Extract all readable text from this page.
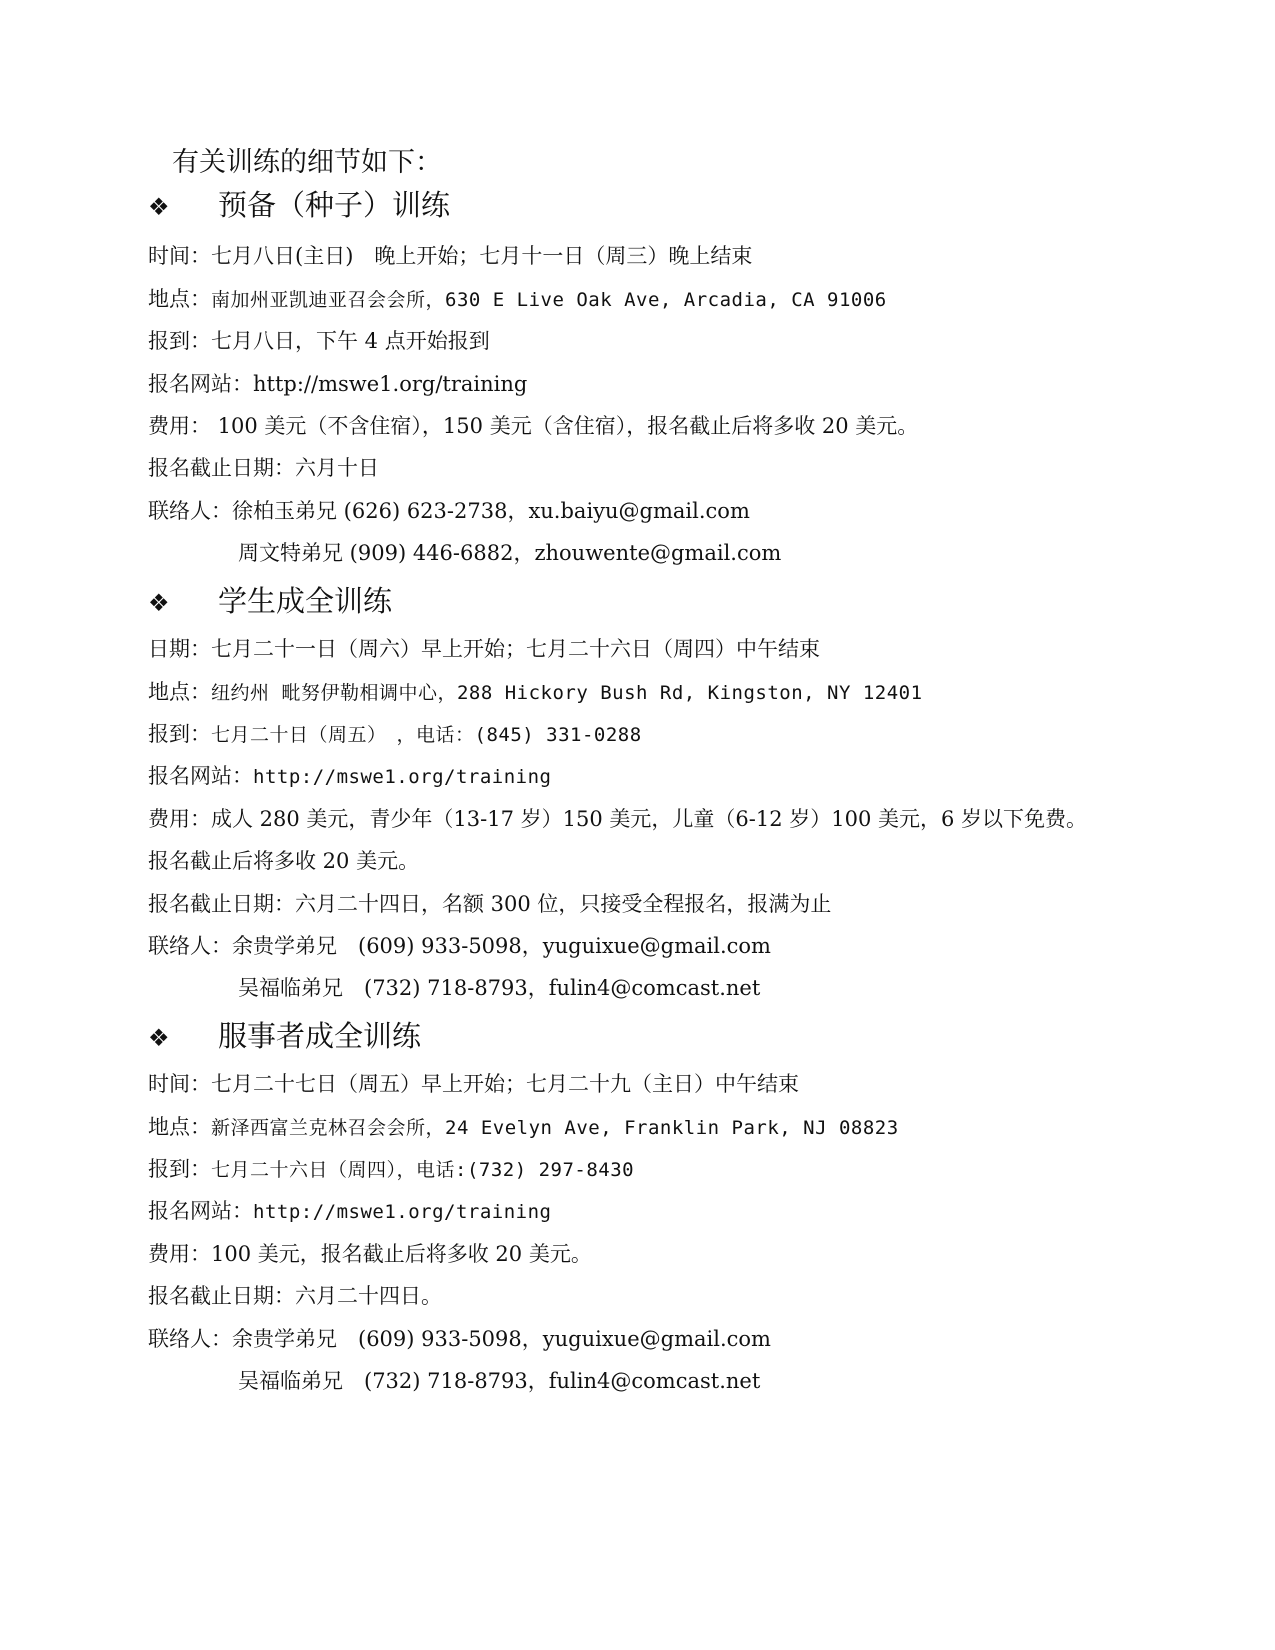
有关训练的细节如下：
❖ 预备（种子）训练
时间：七月八日(主日)　晚上开始；七月十一日（周三）晚上结束
地点：南加州亚凯迪亚召会会所，630 E Live Oak Ave, Arcadia, CA 91006
报到：七月八日，下午 4 点开始报到
报名网站：http://mswe1.org/training
费用： 100 美元（不含住宿），150 美元（含住宿），报名截止后将多收 20 美元。
报名截止日期：六月十日
联络人：徐柏玉弟兄 (626) 623-2738，xu.baiyu@gmail.com
周文特弟兄 (909) 446-6882，zhouwente@gmail.com
❖ 学生成全训练
日期：七月二十一日（周六）早上开始；七月二十六日（周四）中午结束
地点：纽约州 毗努伊勒相调中心，288 Hickory Bush Rd, Kingston, NY 12401
报到：七月二十日（周五）　，电话：(845) 331-0288
报名网站：http://mswe1.org/training
费用：成人 280 美元，青少年（13-17 岁）150 美元，儿童（6-12 岁）100 美元，6 岁以下免费。
报名截止后将多收 20 美元。
报名截止日期：六月二十四日，名额 300 位，只接受全程报名，报满为止
联络人：余贵学弟兄　(609) 933-5098，yuguixue@gmail.com
吴福临弟兄　(732) 718-8793，fulin4@comcast.net
❖ 服事者成全训练
时间：七月二十七日（周五）早上开始；七月二十九（主日）中午结束
地点：新泽西富兰克林召会会所，24 Evelyn Ave, Franklin Park, NJ 08823
报到：七月二十六日（周四），电话:(732) 297-8430
报名网站：http://mswe1.org/training
费用：100 美元，报名截止后将多收 20 美元。
报名截止日期：六月二十四日。
联络人：余贵学弟兄　(609) 933-5098，yuguixue@gmail.com
吴福临弟兄　(732) 718-8793，fulin4@comcast.net
